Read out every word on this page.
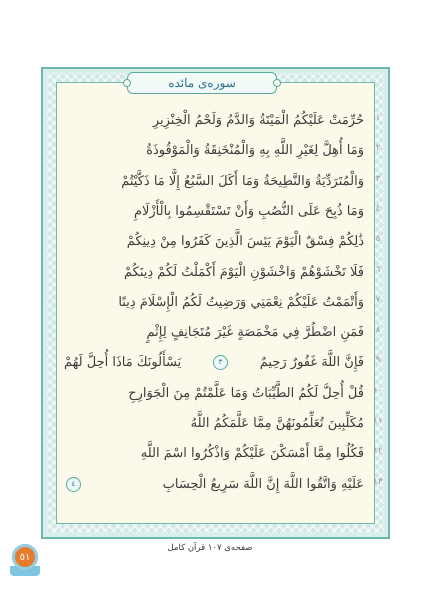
سوره‌ی مائده
حُرِّمَتْ عَلَيْكُمُ الْمَيْتَةُ وَالدَّمُ وَلَحْمُ الْخِنْزِيرِ	١
وَمَا أُهِلَّ لِغَيْرِ اللَّهِ بِهِ وَالْمُنْخَنِقَةُ وَالْمَوْقُوذَةُ	٢
وَالْمُتَرَدِّيَةُ وَالنَّطِيحَةُ وَمَا أَكَلَ السَّبُعُ إِلَّا مَا ذَكَّيْتُمْ	٣
وَمَا ذُبِحَ عَلَى النُّصُبِ وَأَنْ تَسْتَقْسِمُوا بِالْأَزْلَامِ	٤
ذَٰلِكُمْ فِسْقٌ الْيَوْمَ يَئِسَ الَّذِينَ كَفَرُوا مِنْ دِينِكُمْ	٥
فَلَا تَخْشَوْهُمْ وَاخْشَوْنِ الْيَوْمَ أَكْمَلْتُ لَكُمْ دِينَكُمْ	٦
وَأَتْمَمْتُ عَلَيْكُمْ نِعْمَتِي وَرَضِيتُ لَكُمُ الْإِسْلَامَ دِينًا	٧
فَمَنِ اضْطُرَّ فِي مَخْمَصَةٍ غَيْرَ مُتَجَانِفٍ لِإِثْمٍ	٨
فَإِنَّ اللَّهَ غَفُورٌ رَحِيمٌ
٣
يَسْأَلُونَكَ مَاذَا أُحِلَّ لَهُمْ	٩
قُلْ أُحِلَّ لَكُمُ الطَّيِّبَاتُ وَمَا عَلَّمْتُمْ مِنَ الْجَوَارِحِ ١٠
مُكَلِّبِينَ تُعَلِّمُونَهُنَّ مِمَّا عَلَّمَكُمُ اللَّهُ ١١
فَكُلُوا مِمَّا أَمْسَكْنَ عَلَيْكُمْ وَاذْكُرُوا اسْمَ اللَّهِ ١٢
عَلَيْهِ وَاتَّقُوا اللَّهَ إِنَّ اللَّهَ سَرِيعُ الْحِسَابِ
٤	١٣
صفحه‌ی ١٠٧ قرآن کامل
٥١
